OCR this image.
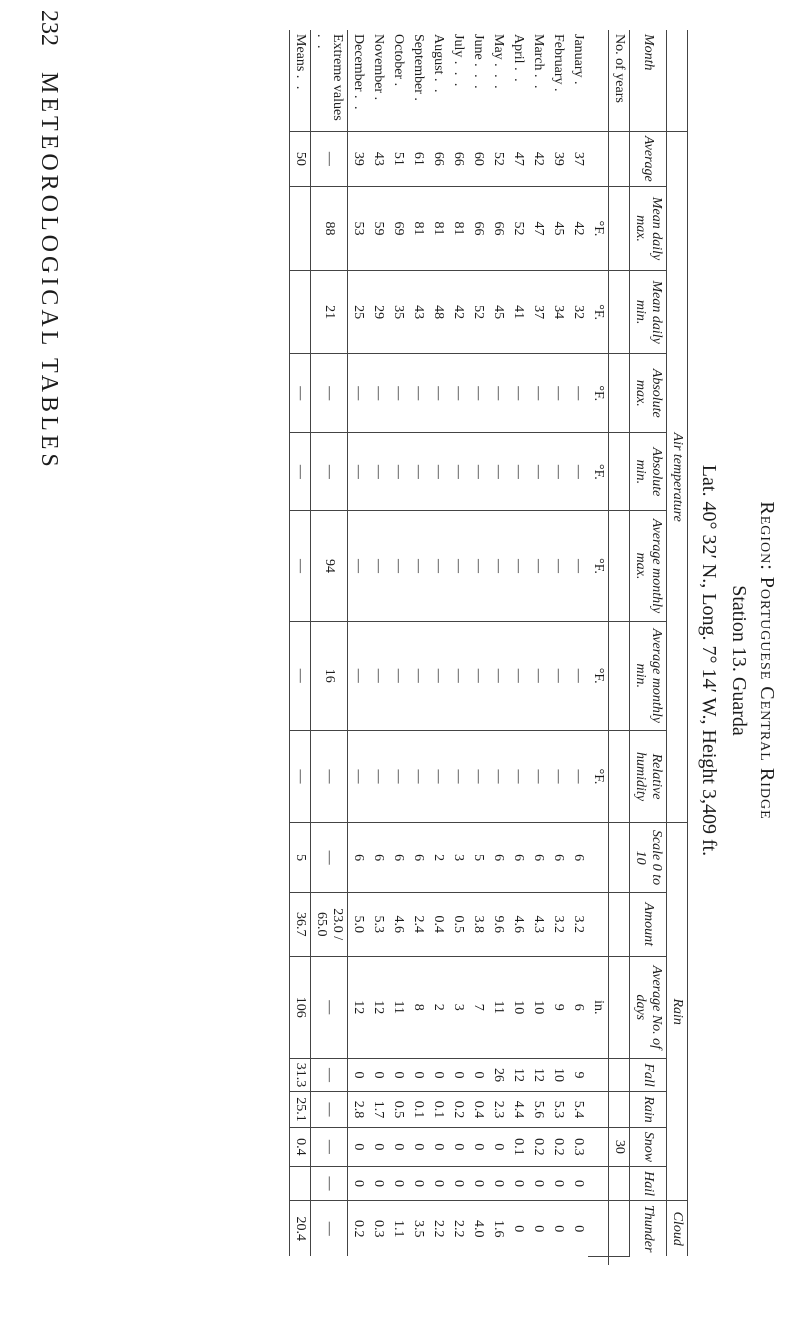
232
METEOROLOGICAL TABLES
Region: Portuguese Central Ridge
Station 13. Guarda
Lat. 40° 32′ N., Long. 7° 14′ W., Height 3,409 ft.
	Air temperature								Rain							Cloud	
Month	Average	Mean daily max.	Mean daily min.	Absolute max.	Absolute min.	Average monthly max.	Average monthly min.	Relative humidity	Scale 0 to 10	Amount	Average No. of days	Fall	Rain	Snow	Hail	Thunder	
No. of years														30			
		°F.	°F.	°F.	°F.	°F.	°F.	°F.			in.						
January .	37	42	32	—	—	—	—	—	6	3.2	6	9	5.4	0.3	0	0	
February .	39	45	34	—	—	—	—	—	6	3.2	9	10	5.3	0.2	0	0	
March . .	42	47	37	—	—	—	—	—	6	4.3	10	12	5.6	0.2	0	0	
April . .	47	52	41	—	—	—	—	—	6	4.6	10	12	4.4	0.1	0	0	
May . . .	52	66	45	—	—	—	—	—	6	9.6	11	26	2.3	0	0	1.6	
June . . .	60	66	52	—	—	—	—	—	5	3.8	7	0	0.4	0	0	4.0	
July . . .	66	81	42	—	—	—	—	—	3	0.5	3	0	0.2	0	0	2.2	
August . .	66	81	48	—	—	—	—	—	2	0.4	2	0	0.1	0	0	2.2	
September .	61	81	43	—	—	—	—	—	6	2.4	8	0	0.1	0	0	3.5	
October .	51	69	35	—	—	—	—	—	6	4.6	11	0	0.5	0	0	1.1	
November .	43	59	29	—	—	—	—	—	6	5.3	12	0	1.7	0	0	0.3	
December . .	39	53	25	—	—	—	—	—	6	5.0	12	0	2.8	0	0	0.2	
Extreme values . .	—	88	21	—	—	94	16	—	—	23.0 / 65.0	—	—	—	—	—	—	
Means . .	50			—	—	—	—	—	5	36.7	106	31.3	25.1	0.4		20.4	
